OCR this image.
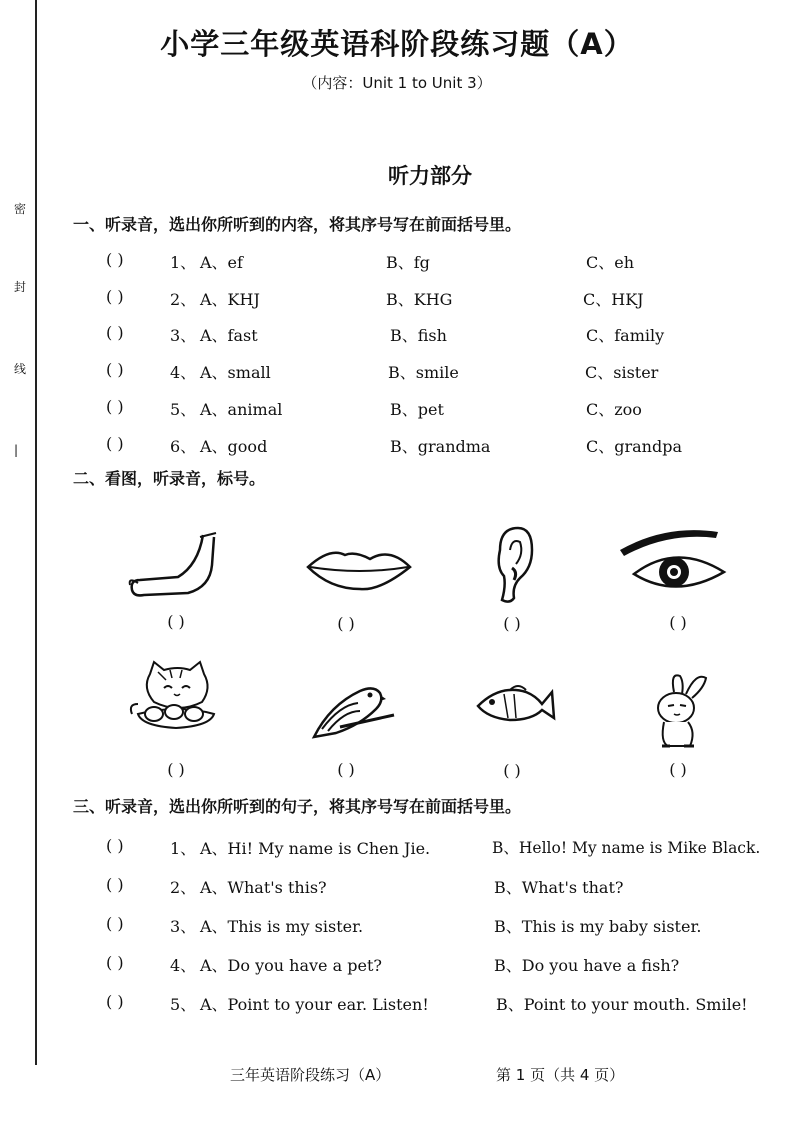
密
封
线
|
小学三年级英语科阶段练习题（A）
（内容：Unit 1 to Unit 3）
听力部分
一、听录音，选出你所听到的内容，将其序号写在前面括号里。
( )	1、 A、ef	B、fg	C、eh
( )	2、 A、KHJ	B、KHG	C、HKJ
( )	3、 A、fast	B、fish	C、family
( )	4、 A、small	B、smile	C、sister
( )	5、 A、animal	B、pet	C、zoo
( )	6、 A、good	B、grandma	C、grandpa
二、看图，听录音，标号。
( )	( )	( )	( )
( )	( )	( )	( )
三、听录音，选出你所听到的句子，将其序号写在前面括号里。
( )	1、 A、Hi! My name is Chen Jie.	B、Hello! My name is Mike Black.
( )	2、 A、What's this?	B、What's that?
( )	3、 A、This is my sister.	B、This is my baby sister.
( )	4、 A、Do you have a pet?	B、Do you have a fish?
( )	5、 A、Point to your ear. Listen!	B、Point to your mouth. Smile!
三年英语阶段练习（A）	第 1 页（共 4 页）
